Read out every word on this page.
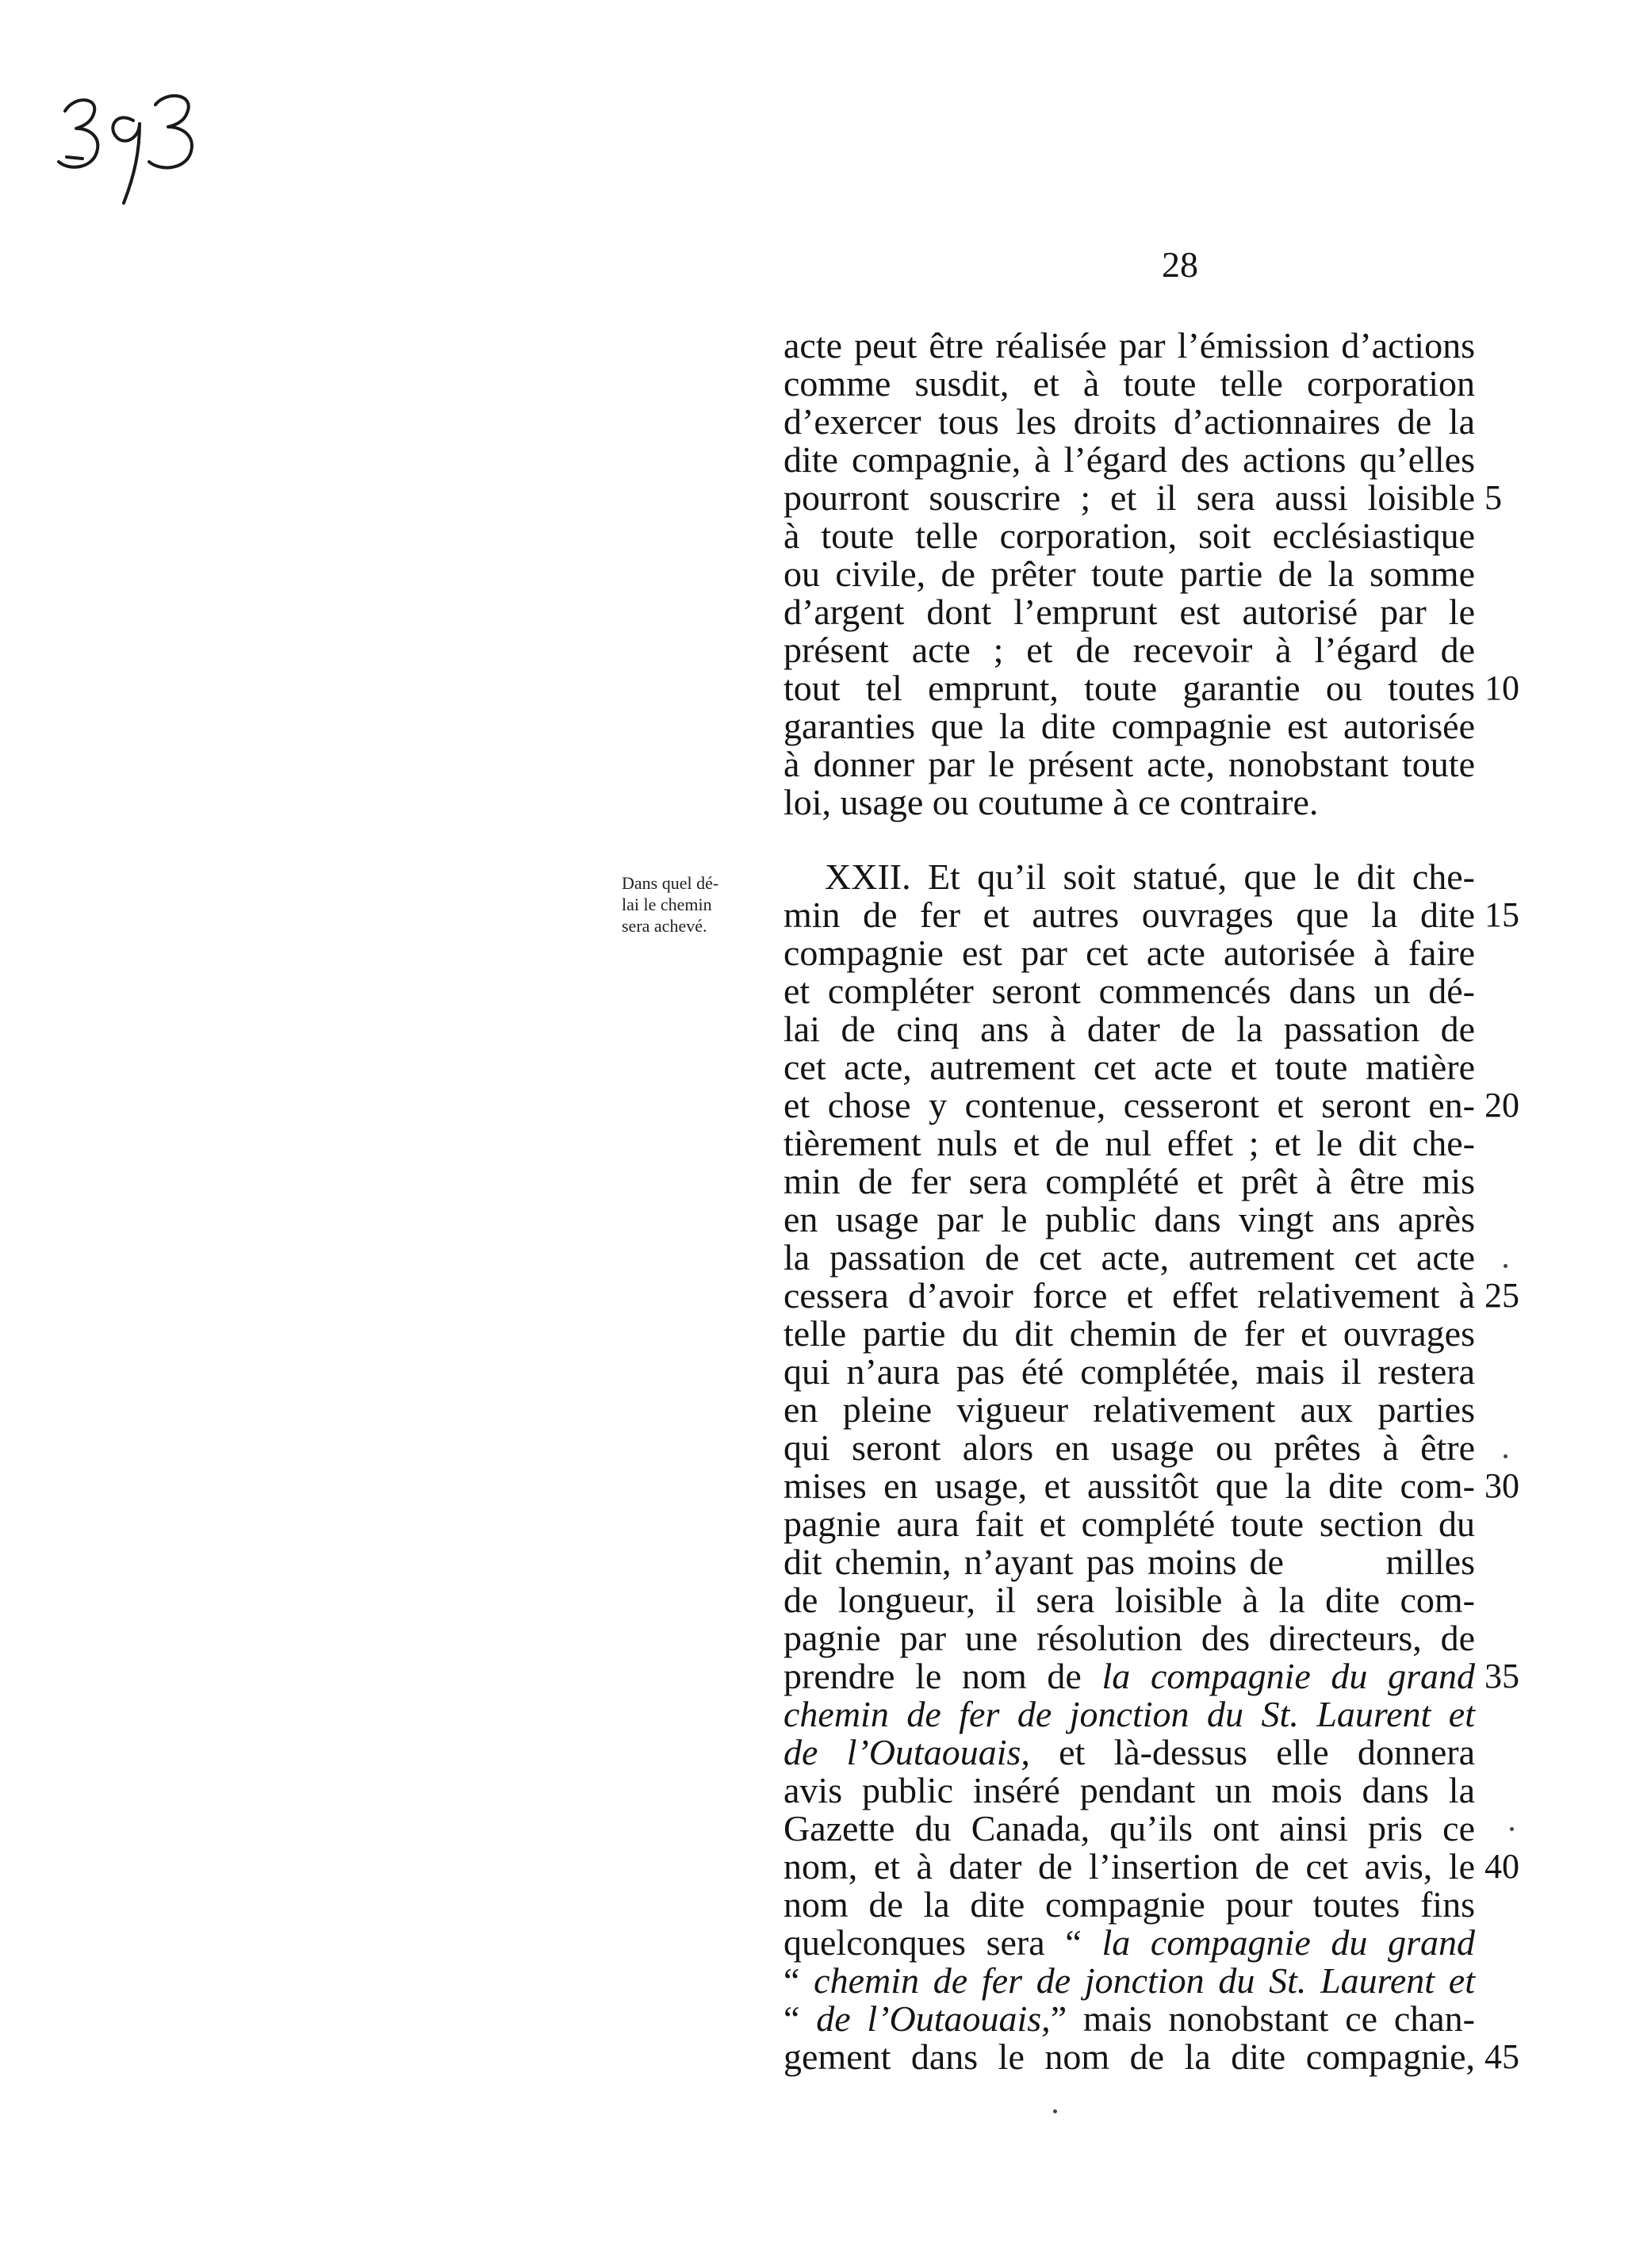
28
Dans quel dé-
lai le chemin
sera achevé.
acte peut être réalisée par l’émission d’actions
comme susdit, et à toute telle corporation
d’exercer tous les droits d’actionnaires de la
dite compagnie, à l’égard des actions qu’elles
pourront souscrire ; et il sera aussi loisible
à toute telle corporation, soit ecclésiastique
ou civile, de prêter toute partie de la somme
d’argent dont l’emprunt est autorisé par le
présent acte ; et de recevoir à l’égard de
tout tel emprunt, toute garantie ou toutes
garanties que la dite compagnie est autorisée
à donner par le présent acte, nonobstant toute
loi, usage ou coutume à ce contraire.
XXII. Et qu’il soit statué, que le dit che-
min de fer et autres ouvrages que la dite
compagnie est par cet acte autorisée à faire
et compléter seront commencés dans un dé-
lai de cinq ans à dater de la passation de
cet acte, autrement cet acte et toute matière
et chose y contenue, cesseront et seront en-
tièrement nuls et de nul effet ; et le dit che-
min de fer sera complété et prêt à être mis
en usage par le public dans vingt ans après
la passation de cet acte, autrement cet acte
cessera d’avoir force et effet relativement à
telle partie du dit chemin de fer et ouvrages
qui n’aura pas été complétée, mais il restera
en pleine vigueur relativement aux parties
qui seront alors en usage ou prêtes à être
mises en usage, et aussitôt que la dite com-
pagnie aura fait et complété toute section du
dit chemin, n’ayant pas moins de        milles
de longueur, il sera loisible à la dite com-
pagnie par une résolution des directeurs, de
prendre le nom de la compagnie du grand
chemin de fer de jonction du St. Laurent et
de l’Outaouais, et là-dessus elle donnera
avis public inséré pendant un mois dans la
Gazette du Canada, qu’ils ont ainsi pris ce
nom, et à dater de l’insertion de cet avis, le
nom de la dite compagnie pour toutes fins
quelconques sera “ la compagnie du grand
“ chemin de fer de jonction du St. Laurent et
“ de l’Outaouais,” mais nonobstant ce chan-
gement dans le nom de la dite compagnie,
5
10
15
20
25
30
35
40
45
